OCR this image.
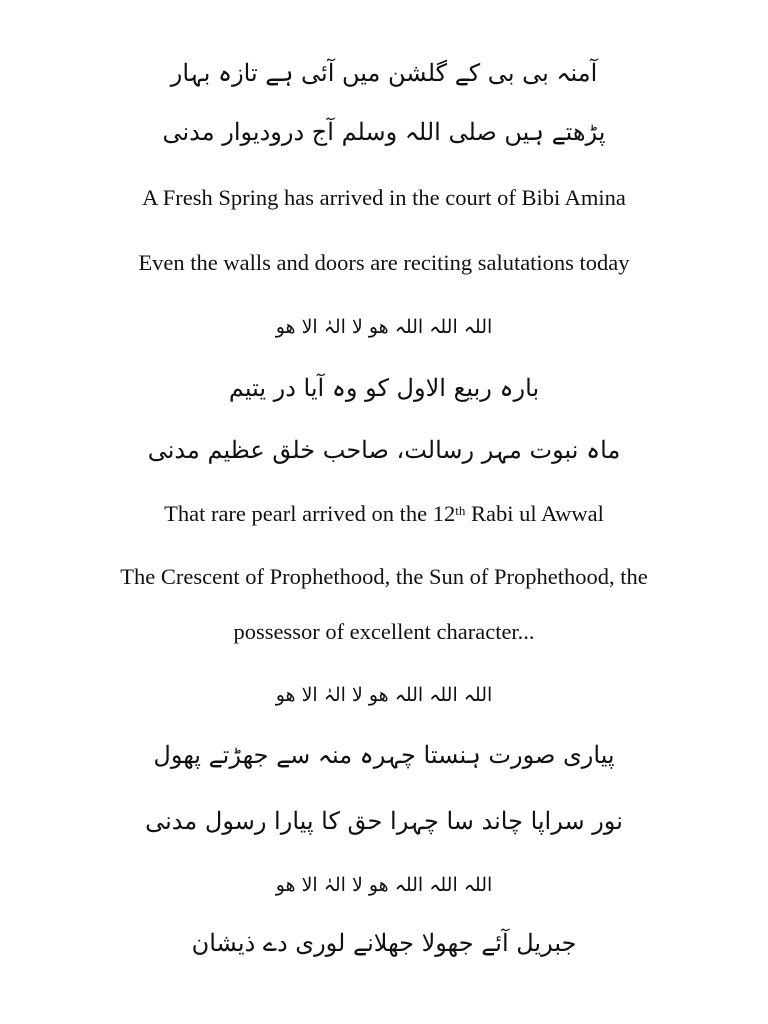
آمنہ بی بی کے گلشن میں آئی ہے تازہ بہار
پڑھتے ہیں صلی اللہ وسلم آج درودیوار مدنی
A Fresh Spring has arrived in the court of Bibi Amina
Even the walls and doors are reciting salutations today
اللہ اللہ اللہ ھو لا الہٰ الا ھو
بارہ ربیع الاول کو وہ آیا در یتیم
ماہ نبوت مہر رسالت، صاحب خلق عظیم مدنی
That rare pearl arrived on the 12th Rabi ul Awwal
The Crescent of Prophethood, the Sun of Prophethood, the
possessor of excellent character...
اللہ اللہ اللہ ھو لا الہٰ الا ھو
پیاری صورت ہنستا چہرہ منہ سے جھڑتے پھول
نور سراپا چاند سا چہرا حق کا پیارا رسول مدنی
اللہ اللہ اللہ ھو لا الہٰ الا ھو
جبریل آئے جھولا جھلانے لوری دے ذیشان
